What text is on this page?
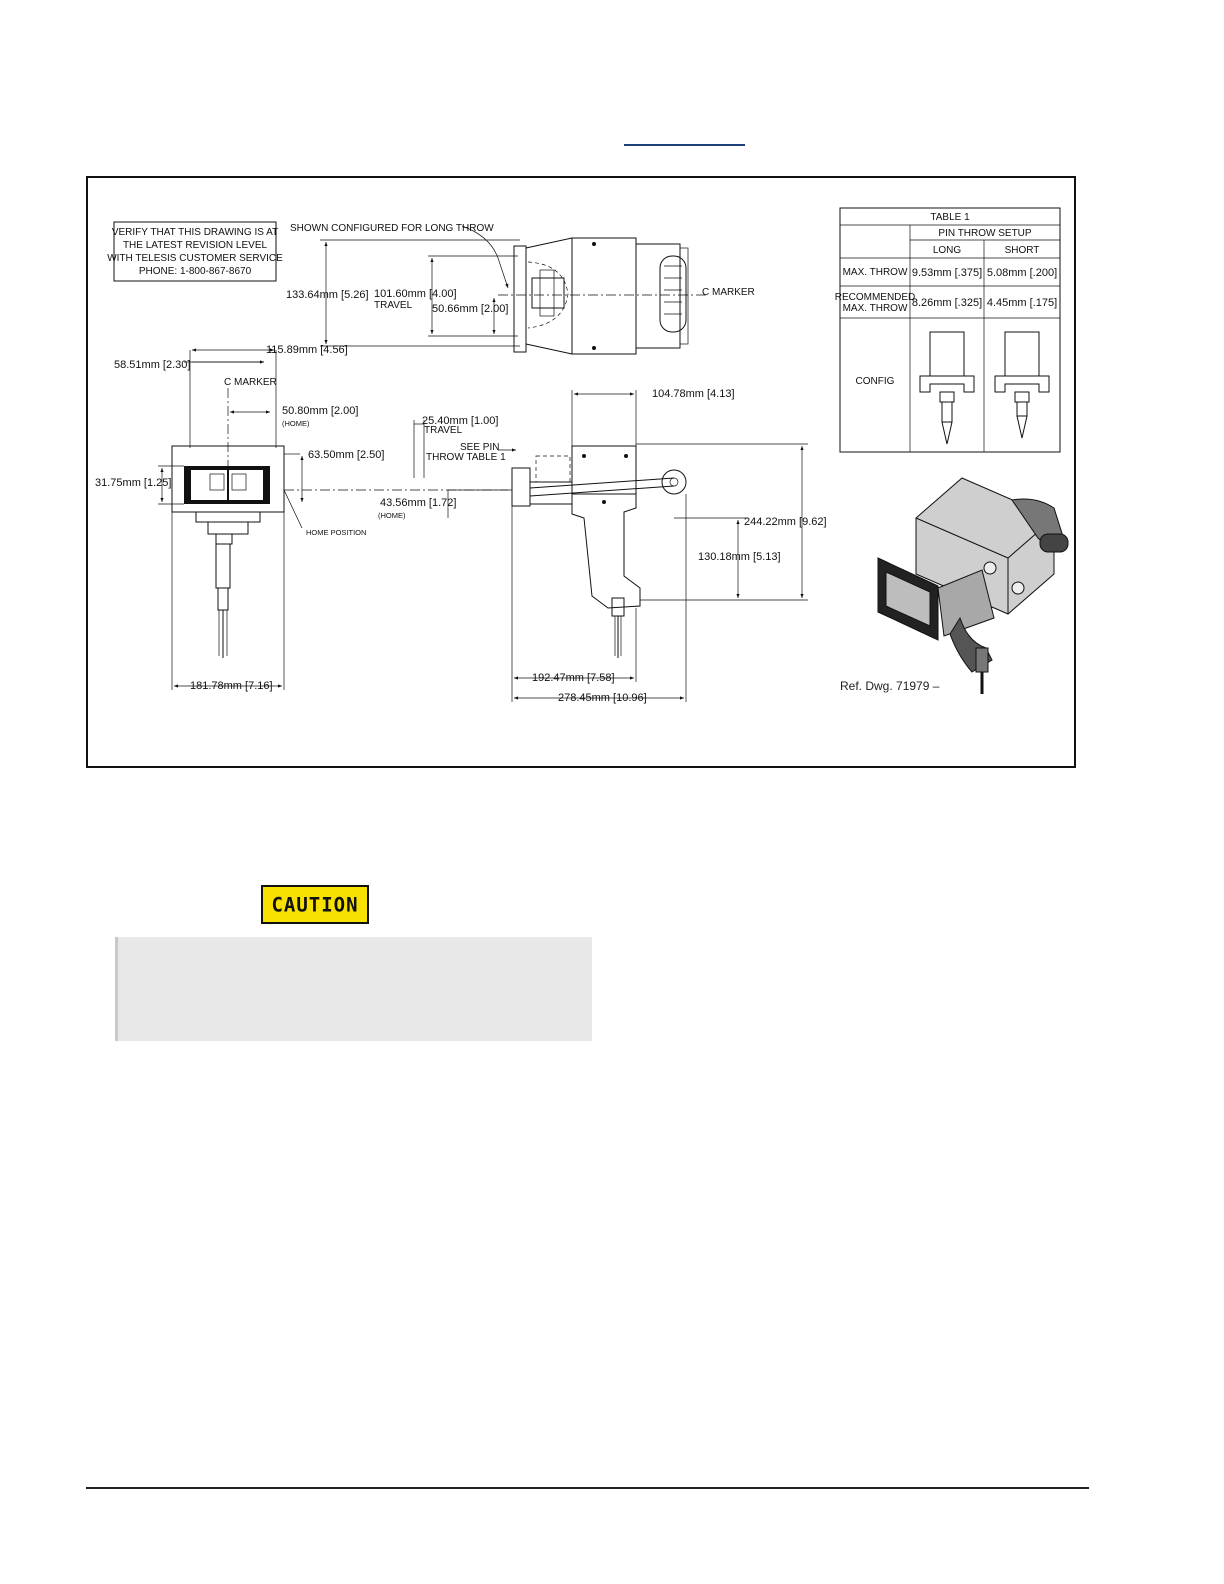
VERIFY THAT THIS DRAWING IS AT
THE LATEST REVISION LEVEL
WITH TELESIS CUSTOMER SERVICE
PHONE: 1-800-867-8670
SHOWN CONFIGURED FOR LONG THROW
C MARKER
133.64mm [5.26] 101.60mm [4.00]
TRAVEL 50.66mm [2.00]
58.51mm [2.30]
115.89mm [4.56]
C MARKER
50.80mm [2.00]
(HOME)
63.50mm [2.50]
31.75mm [1.25]
HOME POSITION
181.78mm [7.16]
25.40mm [1.00]
TRAVEL
SEE PIN
THROW TABLE 1
104.78mm [4.13]
43.56mm [1.72]
(HOME)
244.22mm [9.62]
130.18mm [5.13]
192.47mm [7.58]
278.45mm [10.96]
TABLE 1
PIN THROW SETUP
LONG	SHORT
MAX. THROW 9.53mm [.375] 5.08mm [.200]
RECOMMENDED
MAX. THROW 8.26mm [.325] 4.45mm [.175]
CONFIG
Ref. Dwg. 71979 –
CAUTION
